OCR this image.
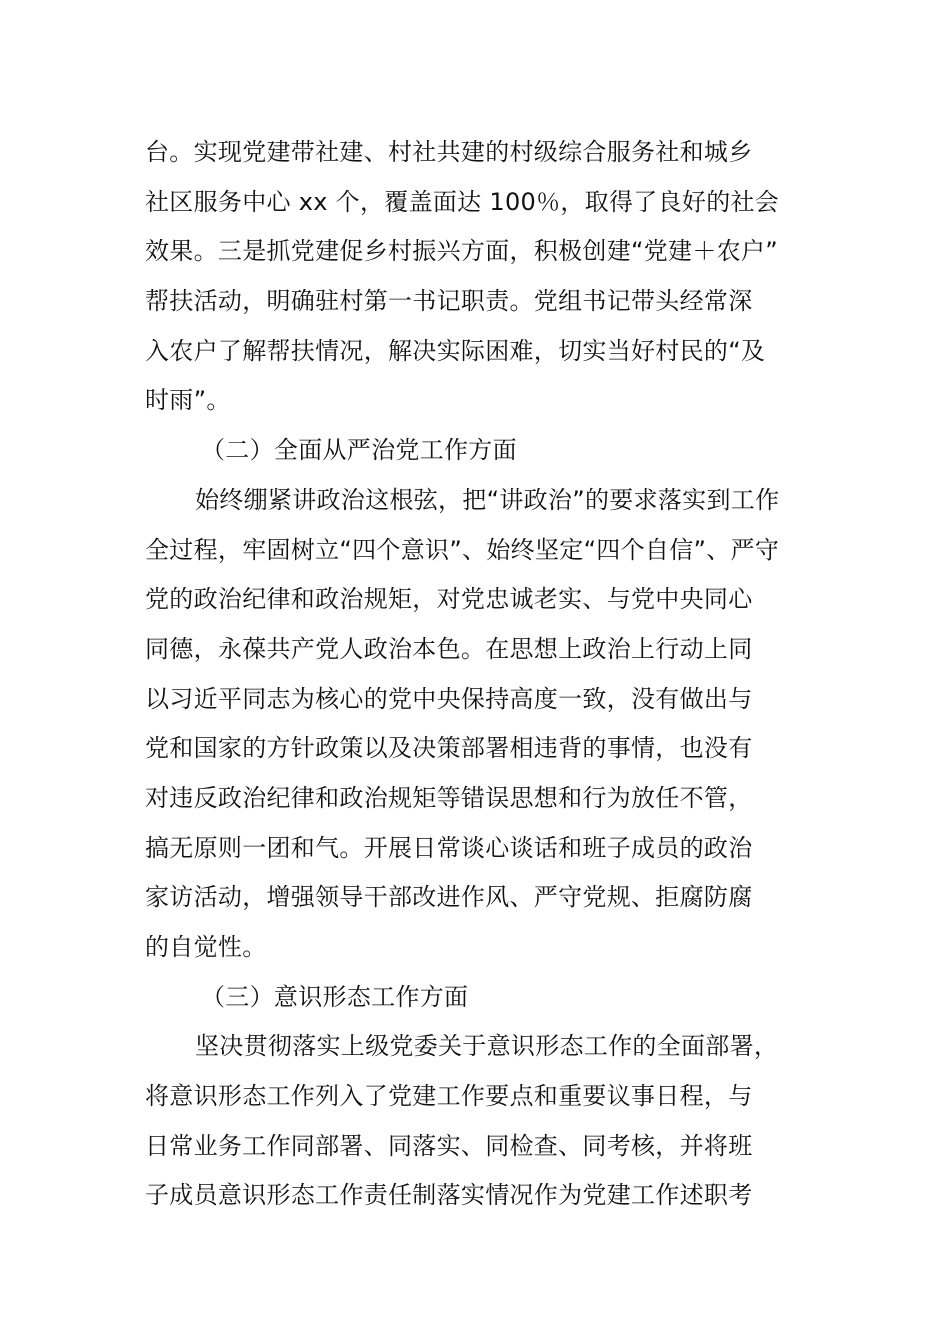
台。实现党建带社建、村社共建的村级综合服务社和城乡
社区服务中心 xx 个，覆盖面达 100％，取得了良好的社会
效果。三是抓党建促乡村振兴方面，积极创建“党建＋农户”
帮扶活动，明确驻村第一书记职责。党组书记带头经常深
入农户了解帮扶情况，解决实际困难，切实当好村民的“及
时雨”。
（二）全面从严治党工作方面
始终绷紧讲政治这根弦，把“讲政治”的要求落实到工作
全过程，牢固树立“四个意识”、始终坚定“四个自信”、严守
党的政治纪律和政治规矩，对党忠诚老实、与党中央同心
同德，永葆共产党人政治本色。在思想上政治上行动上同
以习近平同志为核心的党中央保持高度一致，没有做出与
党和国家的方针政策以及决策部署相违背的事情，也没有
对违反政治纪律和政治规矩等错误思想和行为放任不管，
搞无原则一团和气。开展日常谈心谈话和班子成员的政治
家访活动，增强领导干部改进作风、严守党规、拒腐防腐
的自觉性。
（三）意识形态工作方面
坚决贯彻落实上级党委关于意识形态工作的全面部署，
将意识形态工作列入了党建工作要点和重要议事日程，与
日常业务工作同部署、同落实、同检查、同考核，并将班
子成员意识形态工作责任制落实情况作为党建工作述职考
